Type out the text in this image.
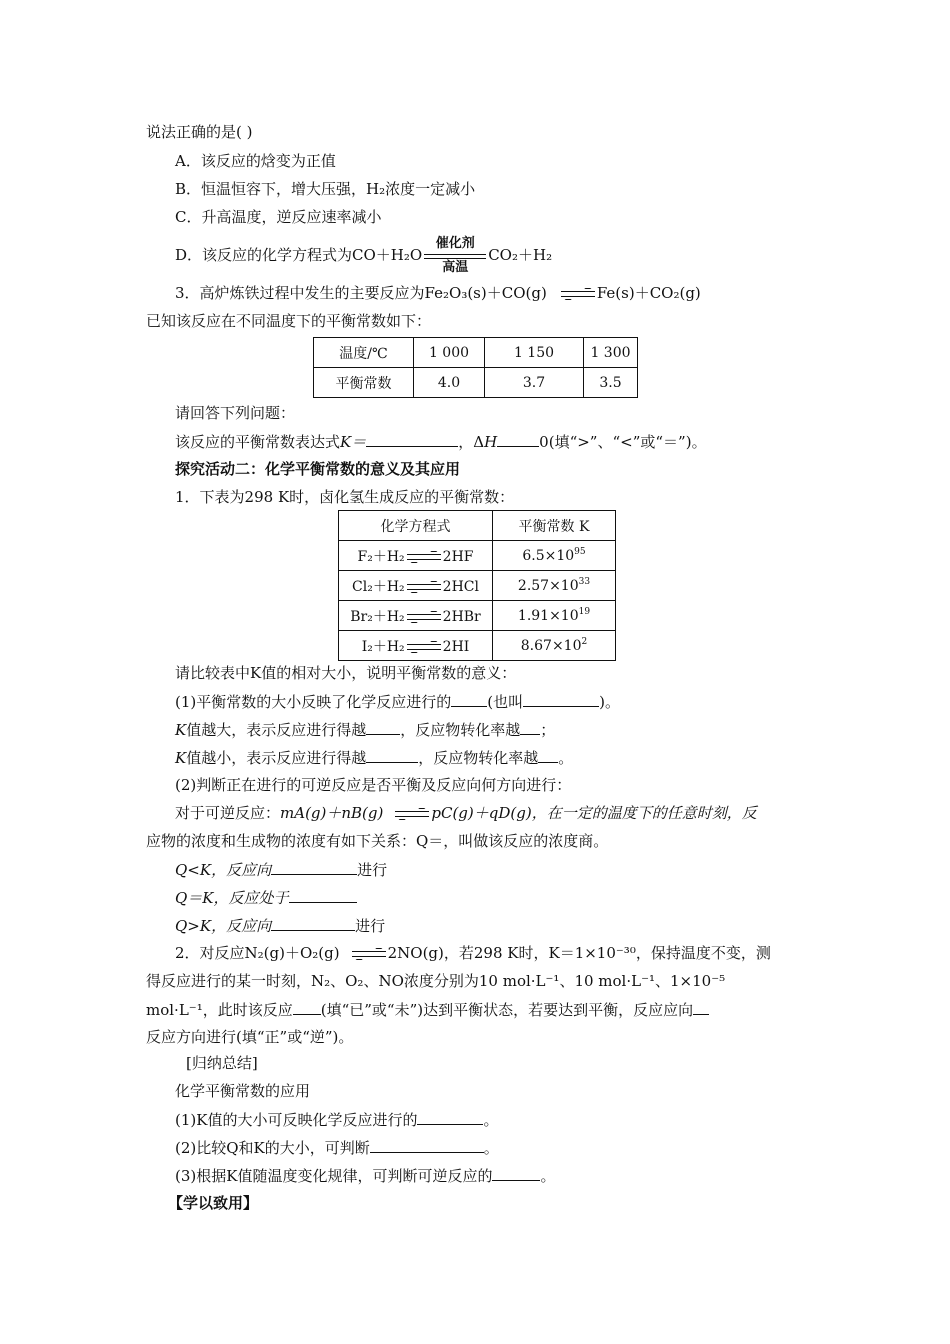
说法正确的是( )
A．该反应的焓变为正值
B．恒温恒容下，增大压强，H₂浓度一定减小
C．升高温度，逆反应速率减小
D．该反应的化学方程式为CO＋H₂O
催化剂
高温
CO₂＋H₂
3．高炉炼铁过程中发生的主要反应为Fe₂O₃(s)＋CO(g) → Fe(s)＋CO₂(g)
已知该反应在不同温度下的平衡常数如下：
温度/℃	1 000	1 150	1 300
平衡常数	4.0	3.7	3.5
请回答下列问题：
该反应的平衡常数表达式K＝	，ΔH	0(填“>”、“<”或“＝”)。
探究活动二：化学平衡常数的意义及其应用
1．下表为298 K时，卤化氢生成反应的平衡常数：
化学方程式	平衡常数 K
F₂＋H₂ → 2HF	$6.5\times 10^{95}$
Cl₂＋H₂ → 2HCl	$2.57\times 10^{33}$
Br₂＋H₂ → 2HBr	$1.91\times 10^{19}$
I₂＋H₂ → 2HI	$8.67\times 10^2$
请比较表中K值的相对大小，说明平衡常数的意义：
(1)平衡常数的大小反映了化学反应进行的 (也叫	)。
K值越大，表示反应进行得越 ，反应物转化率越 ；
K值越小，表示反应进行得越	，反应物转化率越 。
(2)判断正在进行的可逆反应是否平衡及反应向何方向进行：
对于可逆反应：mA(g)＋nB(g) → pC(g)＋qD(g)，在一定的温度下的任意时刻，反
应物的浓度和生成物的浓度有如下关系：Q＝，叫做该反应的浓度商。
Q<K，反应向	进行
Q＝K，反应处于
Q>K，反应向	进行
2．对反应N₂(g)＋O₂(g) → 2NO(g)，若298 K时，K＝1×10⁻³⁰，保持温度不变，测
得反应进行的某一时刻，N₂、O₂、NO浓度分别为10 mol·L⁻¹、10 mol·L⁻¹、1×10⁻⁵
mol·L⁻¹，此时该反应 (填“已”或“未”)达到平衡状态，若要达到平衡，反应应向
反应方向进行(填“正”或“逆”)。
[归纳总结]
化学平衡常数的应用
(1)K值的大小可反映化学反应进行的	。
(2)比较Q和K的大小，可判断	。
(3)根据K值随温度变化规律，可判断可逆反应的	。
【学以致用】
